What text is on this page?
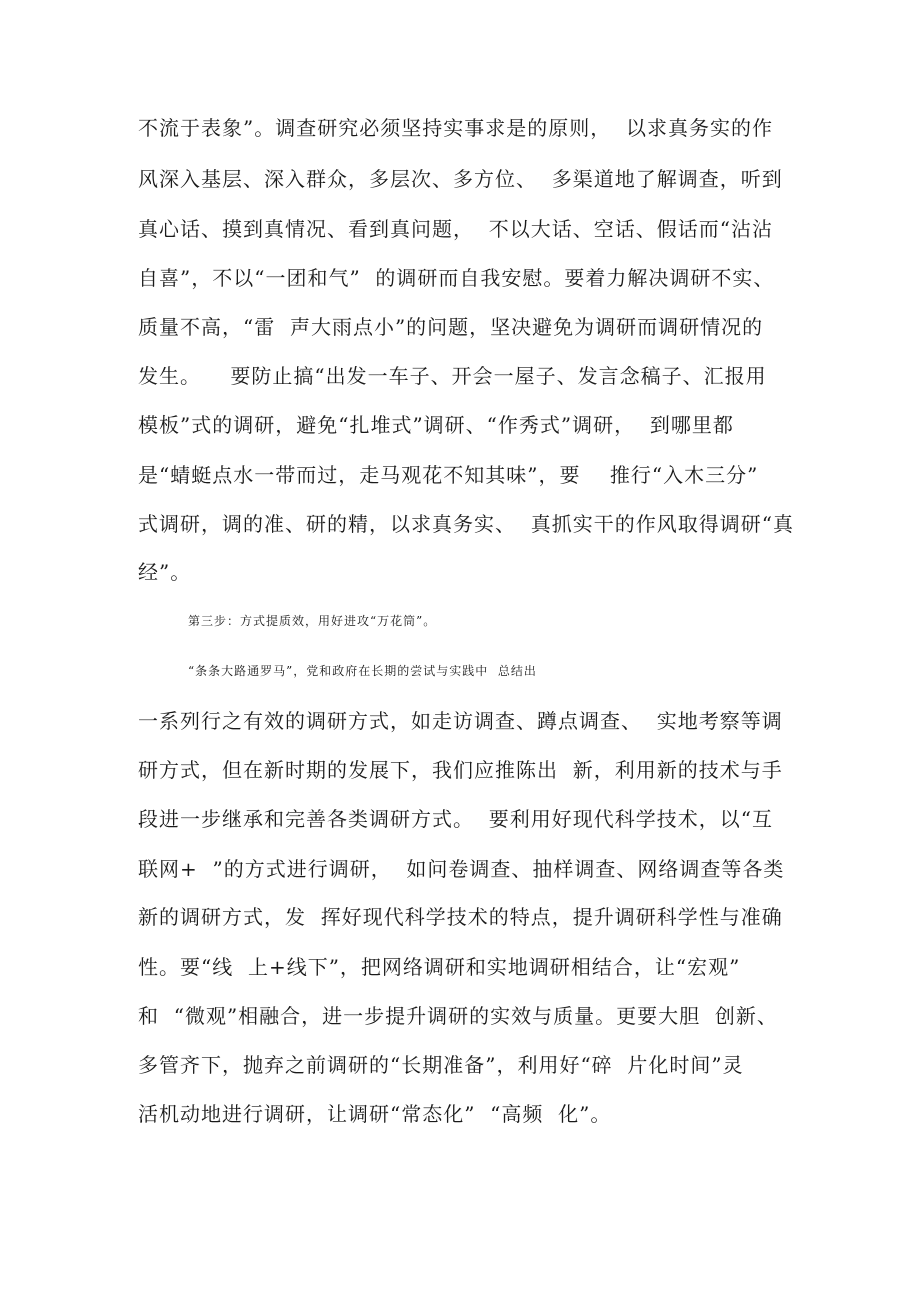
不流于表象”。调查研究必须坚持实事求是的原则，  以求真务实的作
风深入基层、深入群众，多层次、多方位、  多渠道地了解调查，听到
真心话、摸到真情况、看到真问题，  不以大话、空话、假话而“沾沾
自喜”，不以“一团和气”  的调研而自我安慰。要着力解决调研不实、
质量不高，“雷  声大雨点小”的问题，坚决避免为调研而调研情况的
发生。    要防止搞“出发一车子、开会一屋子、发言念稿子、汇报用
模板”式的调研，避免“扎堆式”调研、“作秀式”调研，  到哪里都
是“蜻蜓点水一带而过，走马观花不知其味”，要    推行“入木三分”
式调研，调的准、研的精，以求真务实、  真抓实干的作风取得调研“真
经”。
第三步：方式提质效，用好进攻“万花筒”。
“条条大路通罗马”，党和政府在长期的尝试与实践中  总结出
一系列行之有效的调研方式，如走访调查、蹲点调查、  实地考察等调
研方式，但在新时期的发展下，我们应推陈出  新，利用新的技术与手
段进一步继承和完善各类调研方式。  要利用好现代科学技术，以“互
联网+  ”的方式进行调研，  如问卷调查、抽样调查、网络调查等各类
新的调研方式，发  挥好现代科学技术的特点，提升调研科学性与准确
性。要“线  上+线下”，把网络调研和实地调研相结合，让“宏观”
和  “微观”相融合，进一步提升调研的实效与质量。更要大胆  创新、
多管齐下，抛弃之前调研的“长期准备”，利用好“碎  片化时间”灵
活机动地进行调研，让调研“常态化”  “高频  化”。
